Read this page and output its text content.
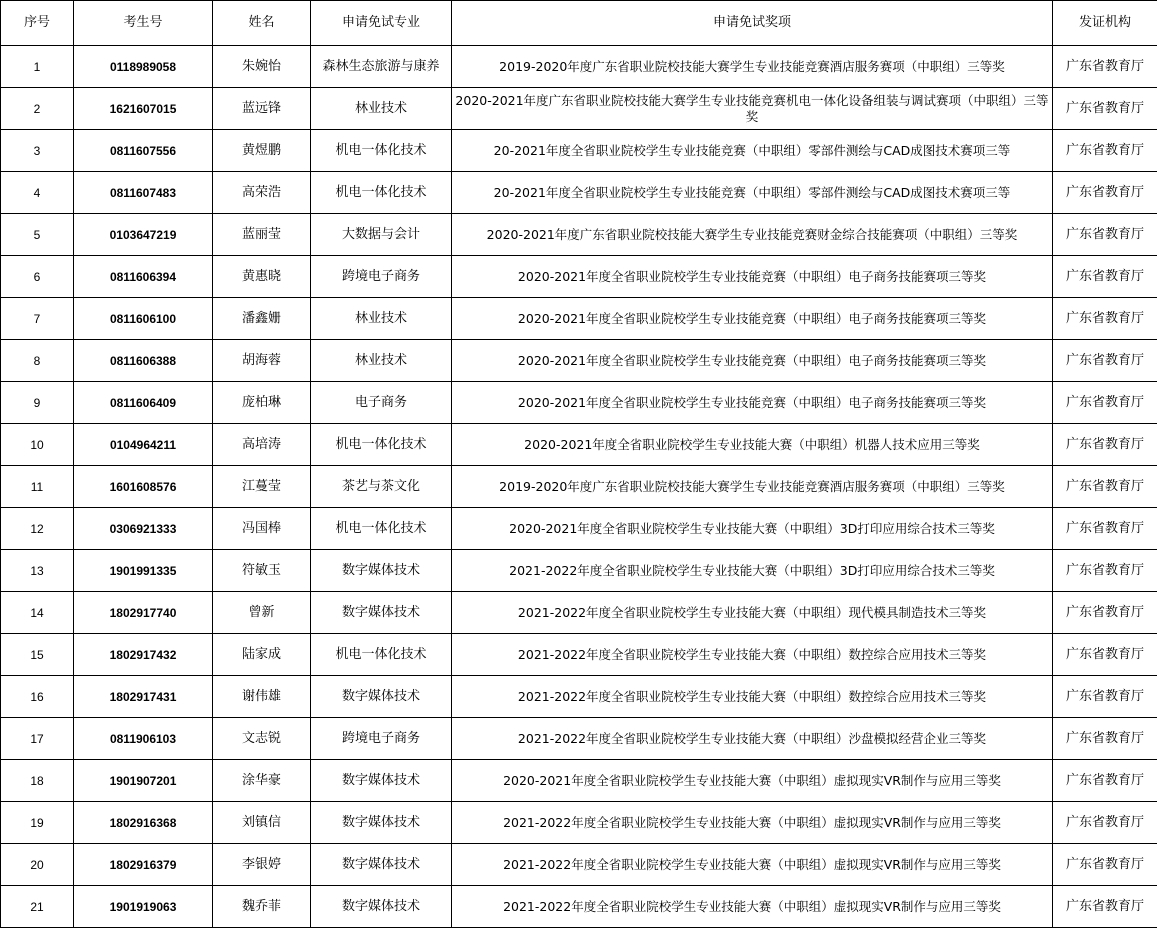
序号	考生号	姓名	申请免试专业	申请免试奖项	发证机构
1	0118989058	朱婉怡	森林生态旅游与康养	2019-2020年度广东省职业院校技能大赛学生专业技能竞赛酒店服务赛项（中职组）三等奖	广东省教育厅
2	1621607015	蓝远锋	林业技术	2020-2021年度广东省职业院校技能大赛学生专业技能竞赛机电一体化设备组装与调试赛项（中职组）三等奖	广东省教育厅
3	0811607556	黄煜鹏	机电一体化技术	20-2021年度全省职业院校学生专业技能竞赛（中职组）零部件测绘与CAD成图技术赛项三等	广东省教育厅
4	0811607483	高荣浩	机电一体化技术	20-2021年度全省职业院校学生专业技能竞赛（中职组）零部件测绘与CAD成图技术赛项三等	广东省教育厅
5	0103647219	蓝丽莹	大数据与会计	2020-2021年度广东省职业院校技能大赛学生专业技能竞赛财金综合技能赛项（中职组）三等奖	广东省教育厅
6	0811606394	黄惠晓	跨境电子商务	2020-2021年度全省职业院校学生专业技能竞赛（中职组）电子商务技能赛项三等奖	广东省教育厅
7	0811606100	潘鑫姗	林业技术	2020-2021年度全省职业院校学生专业技能竞赛（中职组）电子商务技能赛项三等奖	广东省教育厅
8	0811606388	胡海蓉	林业技术	2020-2021年度全省职业院校学生专业技能竞赛（中职组）电子商务技能赛项三等奖	广东省教育厅
9	0811606409	庞柏琳	电子商务	2020-2021年度全省职业院校学生专业技能竞赛（中职组）电子商务技能赛项三等奖	广东省教育厅
10	0104964211	高培涛	机电一体化技术	2020-2021年度全省职业院校学生专业技能大赛（中职组）机器人技术应用三等奖	广东省教育厅
11	1601608576	江蔓莹	茶艺与茶文化	2019-2020年度广东省职业院校技能大赛学生专业技能竞赛酒店服务赛项（中职组）三等奖	广东省教育厅
12	0306921333	冯国棒	机电一体化技术	2020-2021年度全省职业院校学生专业技能大赛（中职组）3D打印应用综合技术三等奖	广东省教育厅
13	1901991335	符敏玉	数字媒体技术	2021-2022年度全省职业院校学生专业技能大赛（中职组）3D打印应用综合技术三等奖	广东省教育厅
14	1802917740	曾新	数字媒体技术	2021-2022年度全省职业院校学生专业技能大赛（中职组）现代模具制造技术三等奖	广东省教育厅
15	1802917432	陆家成	机电一体化技术	2021-2022年度全省职业院校学生专业技能大赛（中职组）数控综合应用技术三等奖	广东省教育厅
16	1802917431	谢伟雄	数字媒体技术	2021-2022年度全省职业院校学生专业技能大赛（中职组）数控综合应用技术三等奖	广东省教育厅
17	0811906103	文志锐	跨境电子商务	2021-2022年度全省职业院校学生专业技能大赛（中职组）沙盘模拟经营企业三等奖	广东省教育厅
18	1901907201	涂华豪	数字媒体技术	2020-2021年度全省职业院校学生专业技能大赛（中职组）虚拟现实VR制作与应用三等奖	广东省教育厅
19	1802916368	刘镇信	数字媒体技术	2021-2022年度全省职业院校学生专业技能大赛（中职组）虚拟现实VR制作与应用三等奖	广东省教育厅
20	1802916379	李银婷	数字媒体技术	2021-2022年度全省职业院校学生专业技能大赛（中职组）虚拟现实VR制作与应用三等奖	广东省教育厅
21	1901919063	魏乔菲	数字媒体技术	2021-2022年度全省职业院校学生专业技能大赛（中职组）虚拟现实VR制作与应用三等奖	广东省教育厅
